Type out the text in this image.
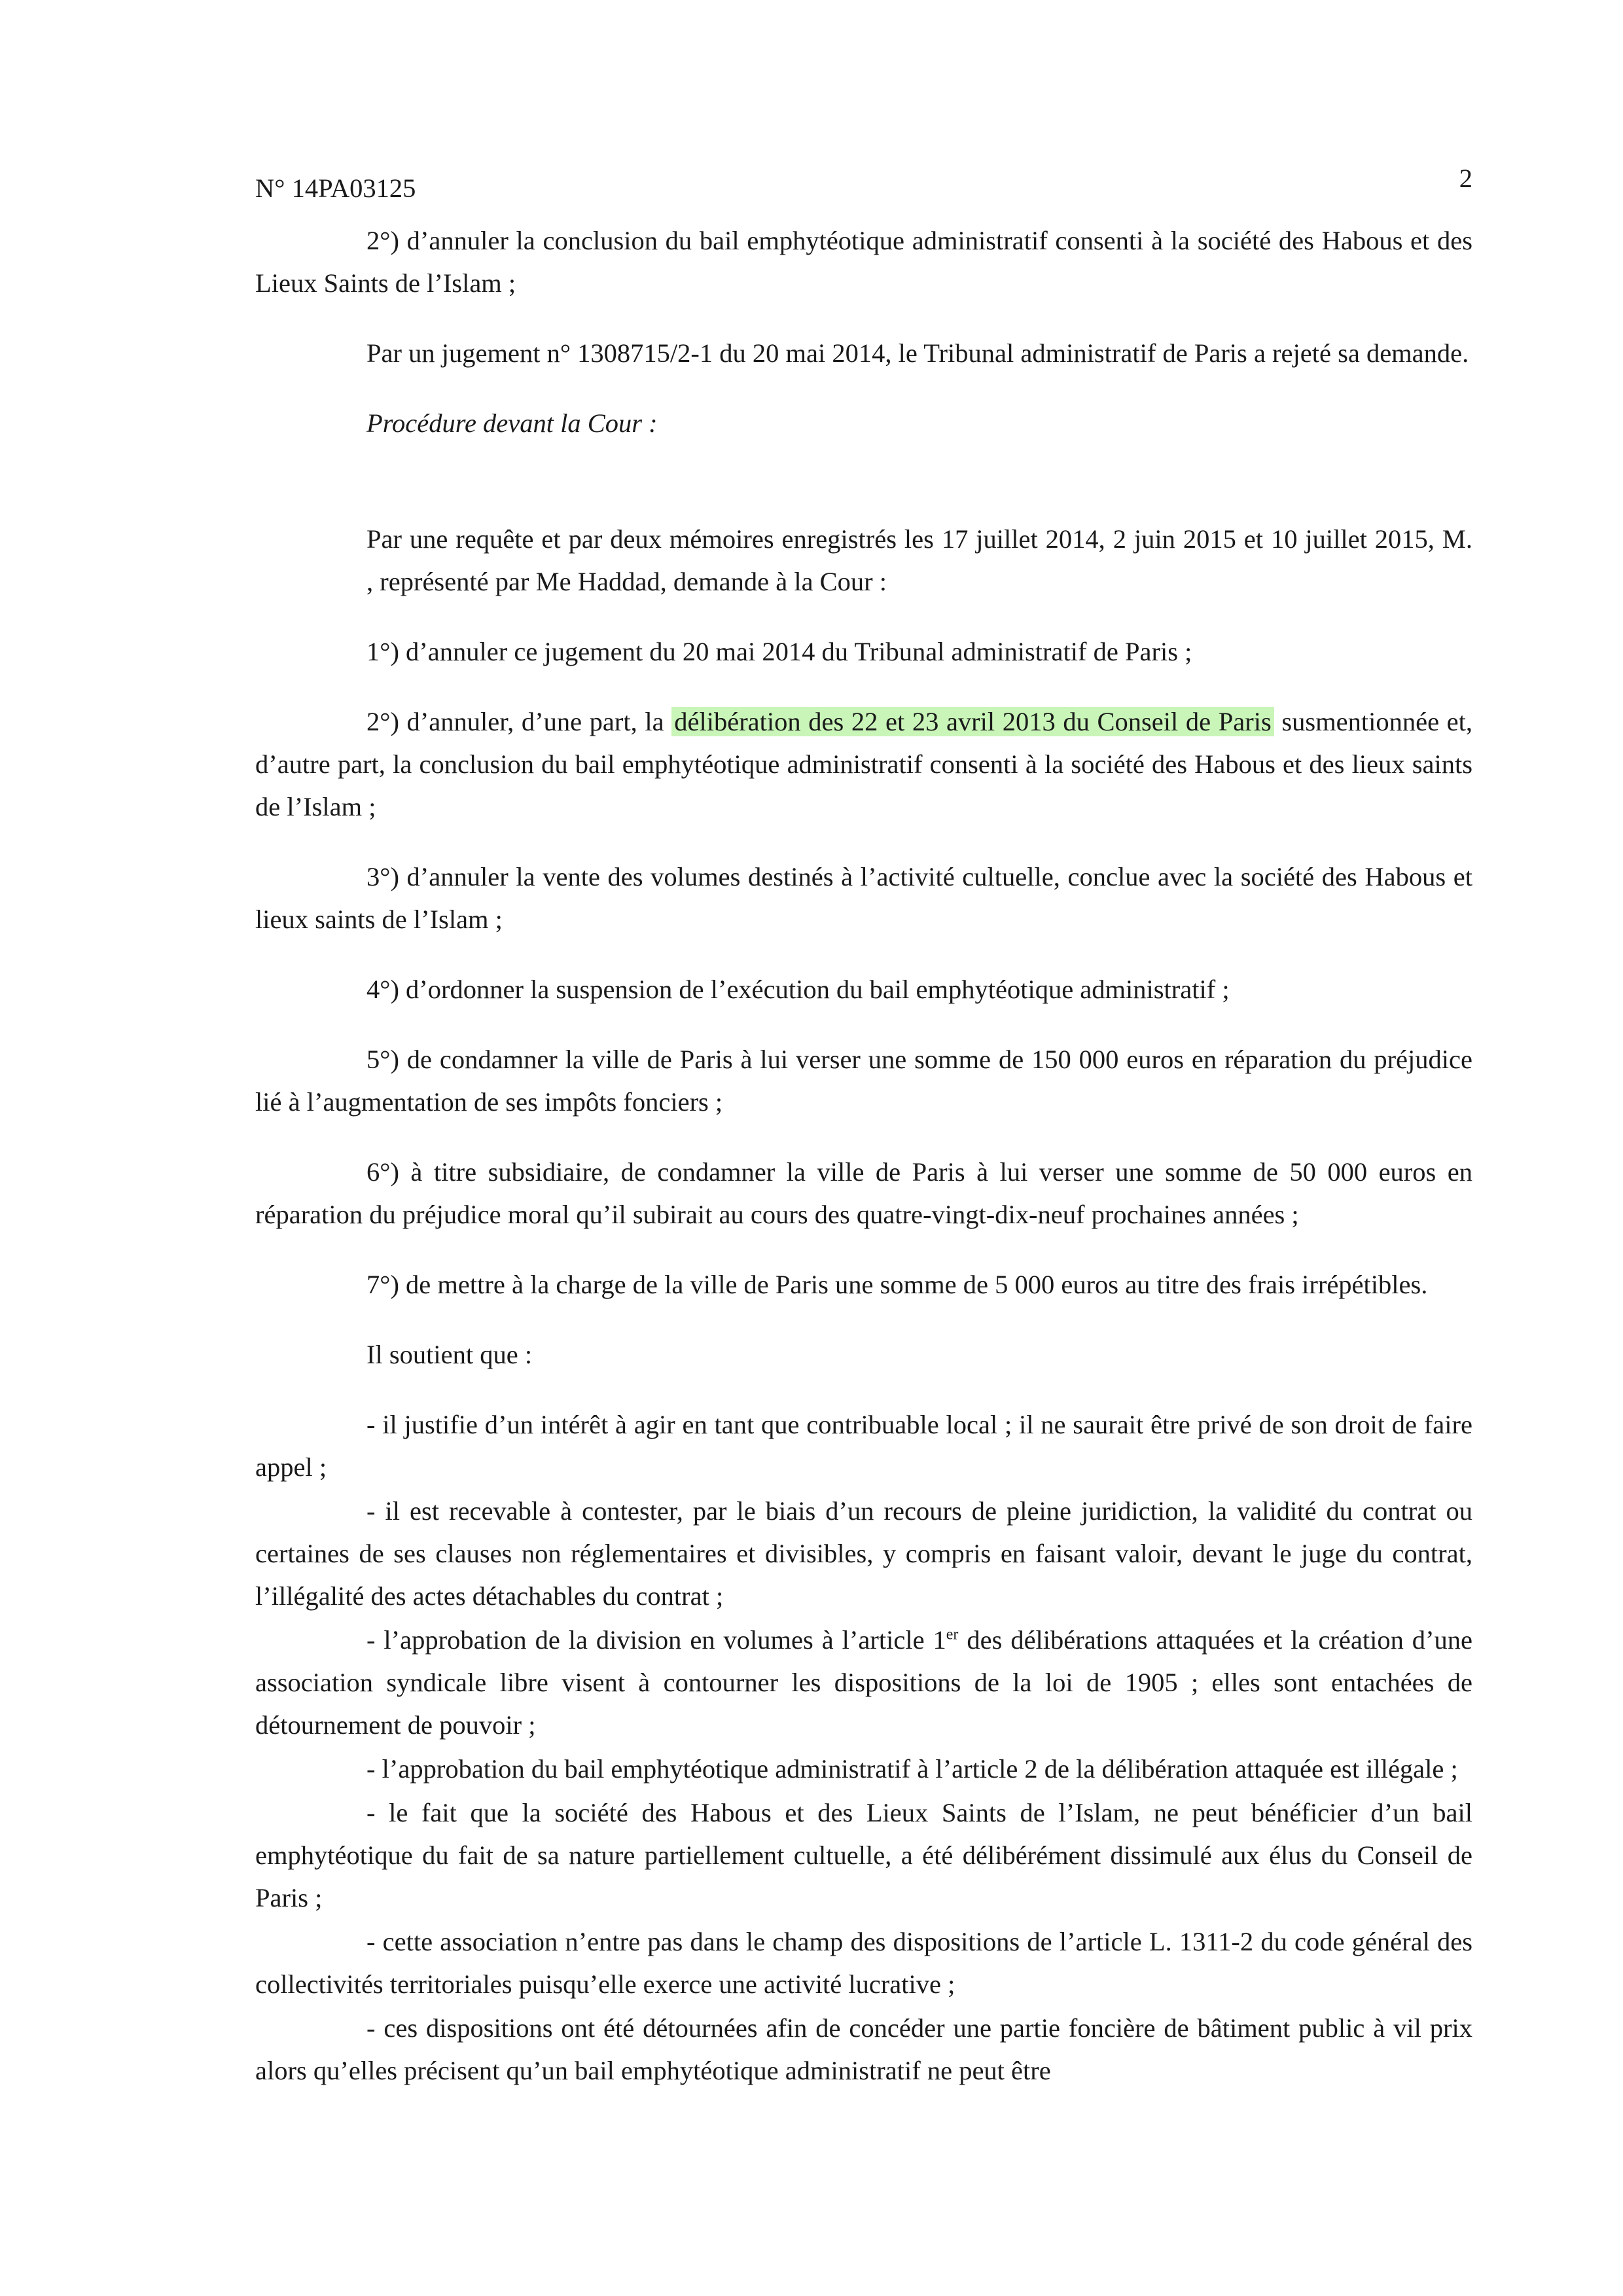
N° 14PA03125	2

2°) d’annuler la conclusion du bail emphytéotique administratif consenti à la société des Habous et des Lieux Saints de l’Islam ;

Par un jugement n° 1308715/2-1 du 20 mai 2014, le Tribunal administratif de Paris a rejeté sa demande.

Procédure devant la Cour :

Par une requête et par deux mémoires enregistrés les 17 juillet 2014, 2 juin 2015 et 10 juillet 2015, M., représenté par Me Haddad, demande à la Cour :

1°) d’annuler ce jugement du 20 mai 2014 du Tribunal administratif de Paris ;

2°) d’annuler, d’une part, la délibération des 22 et 23 avril 2013 du Conseil de Paris susmentionnée et, d’autre part, la conclusion du bail emphytéotique administratif consenti à la société des Habous et des lieux saints de l’Islam ;

3°) d’annuler la vente des volumes destinés à l’activité cultuelle, conclue avec la société des Habous et lieux saints de l’Islam ;

4°) d’ordonner la suspension de l’exécution du bail emphytéotique administratif ;

5°) de condamner la ville de Paris à lui verser une somme de 150 000 euros en réparation du préjudice lié à l’augmentation de ses impôts fonciers ;

6°) à titre subsidiaire, de condamner la ville de Paris à lui verser une somme de 50 000 euros en réparation du préjudice moral qu’il subirait au cours des quatre-vingt-dix-neuf prochaines années ;

7°) de mettre à la charge de la ville de Paris une somme de 5 000 euros au titre des frais irrépétibles.

Il soutient que :

- il justifie d’un intérêt à agir en tant que contribuable local ; il ne saurait être privé de son droit de faire appel ;

- il est recevable à contester, par le biais d’un recours de pleine juridiction, la validité du contrat ou certaines de ses clauses non réglementaires et divisibles, y compris en faisant valoir, devant le juge du contrat, l’illégalité des actes détachables du contrat ;

- l’approbation de la division en volumes à l’article 1er des délibérations attaquées et la création d’une association syndicale libre visent à contourner les dispositions de la loi de 1905 ; elles sont entachées de détournement de pouvoir ;

- l’approbation du bail emphytéotique administratif à l’article 2 de la délibération attaquée est illégale ;

- le fait que la société des Habous et des Lieux Saints de l’Islam, ne peut bénéficier d’un bail emphytéotique du fait de sa nature partiellement cultuelle, a été délibérément dissimulé aux élus du Conseil de Paris ;

- cette association n’entre pas dans le champ des dispositions de l’article L. 1311-2 du code général des collectivités territoriales puisqu’elle exerce une activité lucrative ;

- ces dispositions ont été détournées afin de concéder une partie foncière de bâtiment public à vil prix alors qu’elles précisent qu’un bail emphytéotique administratif ne peut être
